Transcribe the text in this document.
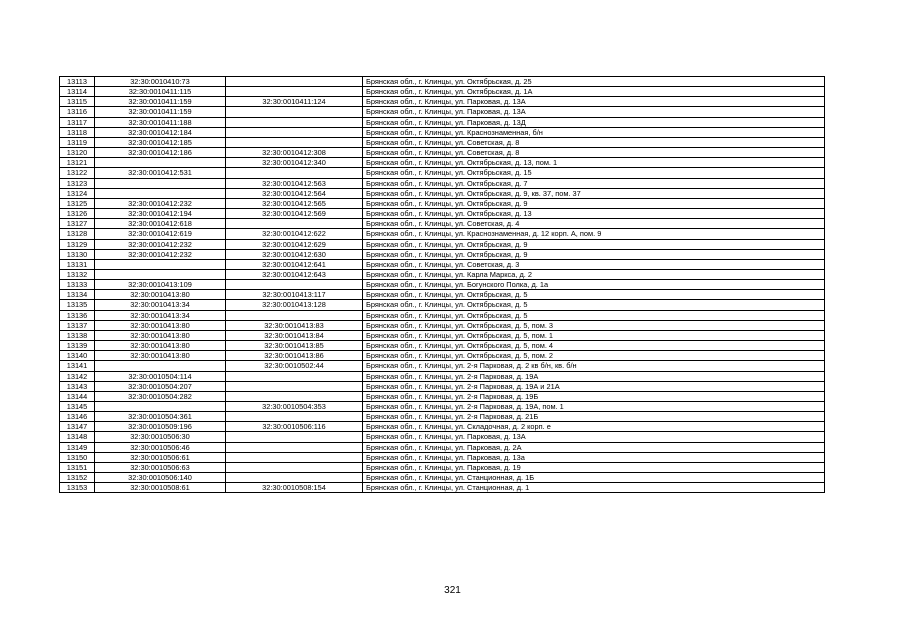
13113	32:30:0010410:73		Брянская обл., г. Клинцы, ул. Октябрьская, д. 25
13114	32:30:0010411:115		Брянская обл., г. Клинцы, ул. Октябрьская, д. 1А
13115	32:30:0010411:159	32:30:0010411:124	Брянская обл., г. Клинцы, ул. Парковая, д. 13А
13116	32:30:0010411:159		Брянская обл., г. Клинцы, ул. Парковая, д. 13А
13117	32:30:0010411:188		Брянская обл., г. Клинцы, ул. Парковая, д. 13Д
13118	32:30:0010412:184		Брянская обл., г. Клинцы, ул. Краснознаменная, б/н
13119	32:30:0010412:185		Брянская обл., г. Клинцы, ул. Советская, д. 8
13120	32:30:0010412:186	32:30:0010412:308	Брянская обл., г. Клинцы, ул. Советская, д. 8
13121		32:30:0010412:340	Брянская обл., г. Клинцы, ул. Октябрьская, д. 13, пом. 1
13122	32:30:0010412:531		Брянская обл., г. Клинцы, ул. Октябрьская, д. 15
13123		32:30:0010412:563	Брянская обл., г. Клинцы, ул. Октябрьская, д. 7
13124		32:30:0010412:564	Брянская обл., г. Клинцы, ул. Октябрьская, д. 9, кв. 37, пом. 37
13125	32:30:0010412:232	32:30:0010412:565	Брянская обл., г. Клинцы, ул. Октябрьская, д. 9
13126	32:30:0010412:194	32:30:0010412:569	Брянская обл., г. Клинцы, ул. Октябрьская, д. 13
13127	32:30:0010412:618		Брянская обл., г. Клинцы, ул. Советская, д. 4
13128	32:30:0010412:619	32:30:0010412:622	Брянская обл., г. Клинцы, ул. Краснознаменная, д. 12 корп. А, пом. 9
13129	32:30:0010412:232	32:30:0010412:629	Брянская обл., г. Клинцы, ул. Октябрьская, д. 9
13130	32:30:0010412:232	32:30:0010412:630	Брянская обл., г. Клинцы, ул. Октябрьская, д. 9
13131		32:30:0010412:641	Брянская обл., г. Клинцы, ул. Советская, д. 3
13132		32:30:0010412:643	Брянская обл., г. Клинцы, ул. Карла Маркса, д. 2
13133	32:30:0010413:109		Брянская обл., г. Клинцы, ул. Богунского Полка, д. 1а
13134	32:30:0010413:80	32:30:0010413:117	Брянская обл., г. Клинцы, ул. Октябрьская, д. 5
13135	32:30:0010413:34	32:30:0010413:128	Брянская обл., г. Клинцы, ул. Октябрьская, д. 5
13136	32:30:0010413:34		Брянская обл., г. Клинцы, ул. Октябрьская, д. 5
13137	32:30:0010413:80	32:30:0010413:83	Брянская обл., г. Клинцы, ул. Октябрьская, д. 5, пом. 3
13138	32:30:0010413:80	32:30:0010413:84	Брянская обл., г. Клинцы, ул. Октябрьская, д. 5, пом. 1
13139	32:30:0010413:80	32:30:0010413:85	Брянская обл., г. Клинцы, ул. Октябрьская, д. 5, пом. 4
13140	32:30:0010413:80	32:30:0010413:86	Брянская обл., г. Клинцы, ул. Октябрьская, д. 5, пом. 2
13141		32:30:0010502:44	Брянская обл., г. Клинцы, ул. 2-я Парковая, д. 2 кв б/н, кв. б/н
13142	32:30:0010504:114		Брянская обл., г. Клинцы, ул. 2-я Парковая, д. 19А
13143	32:30:0010504:207		Брянская обл., г. Клинцы, ул. 2-я Парковая, д. 19А и 21А
13144	32:30:0010504:282		Брянская обл., г. Клинцы, ул. 2-я Парковая, д. 19Б
13145		32:30:0010504:353	Брянская обл., г. Клинцы, ул. 2-я Парковая, д. 19А, пом. 1
13146	32:30:0010504:361		Брянская обл., г. Клинцы, ул. 2-я Парковая, д. 21Б
13147	32:30:0010509:196	32:30:0010506:116	Брянская обл., г. Клинцы, ул. Складочная, д. 2 корп. е
13148	32:30:0010506:30		Брянская обл., г. Клинцы, ул. Парковая, д. 13А
13149	32:30:0010506:46		Брянская обл., г. Клинцы, ул. Парковая, д. 2А
13150	32:30:0010506:61		Брянская обл., г. Клинцы, ул. Парковая, д. 13а
13151	32:30:0010506:63		Брянская обл., г. Клинцы, ул. Парковая, д. 19
13152	32:30:0010506:140		Брянская обл., г. Клинцы, ул. Станционная, д. 1Б
13153	32:30:0010508:61	32:30:0010508:154	Брянская обл., г. Клинцы, ул. Станционная, д. 1
321
